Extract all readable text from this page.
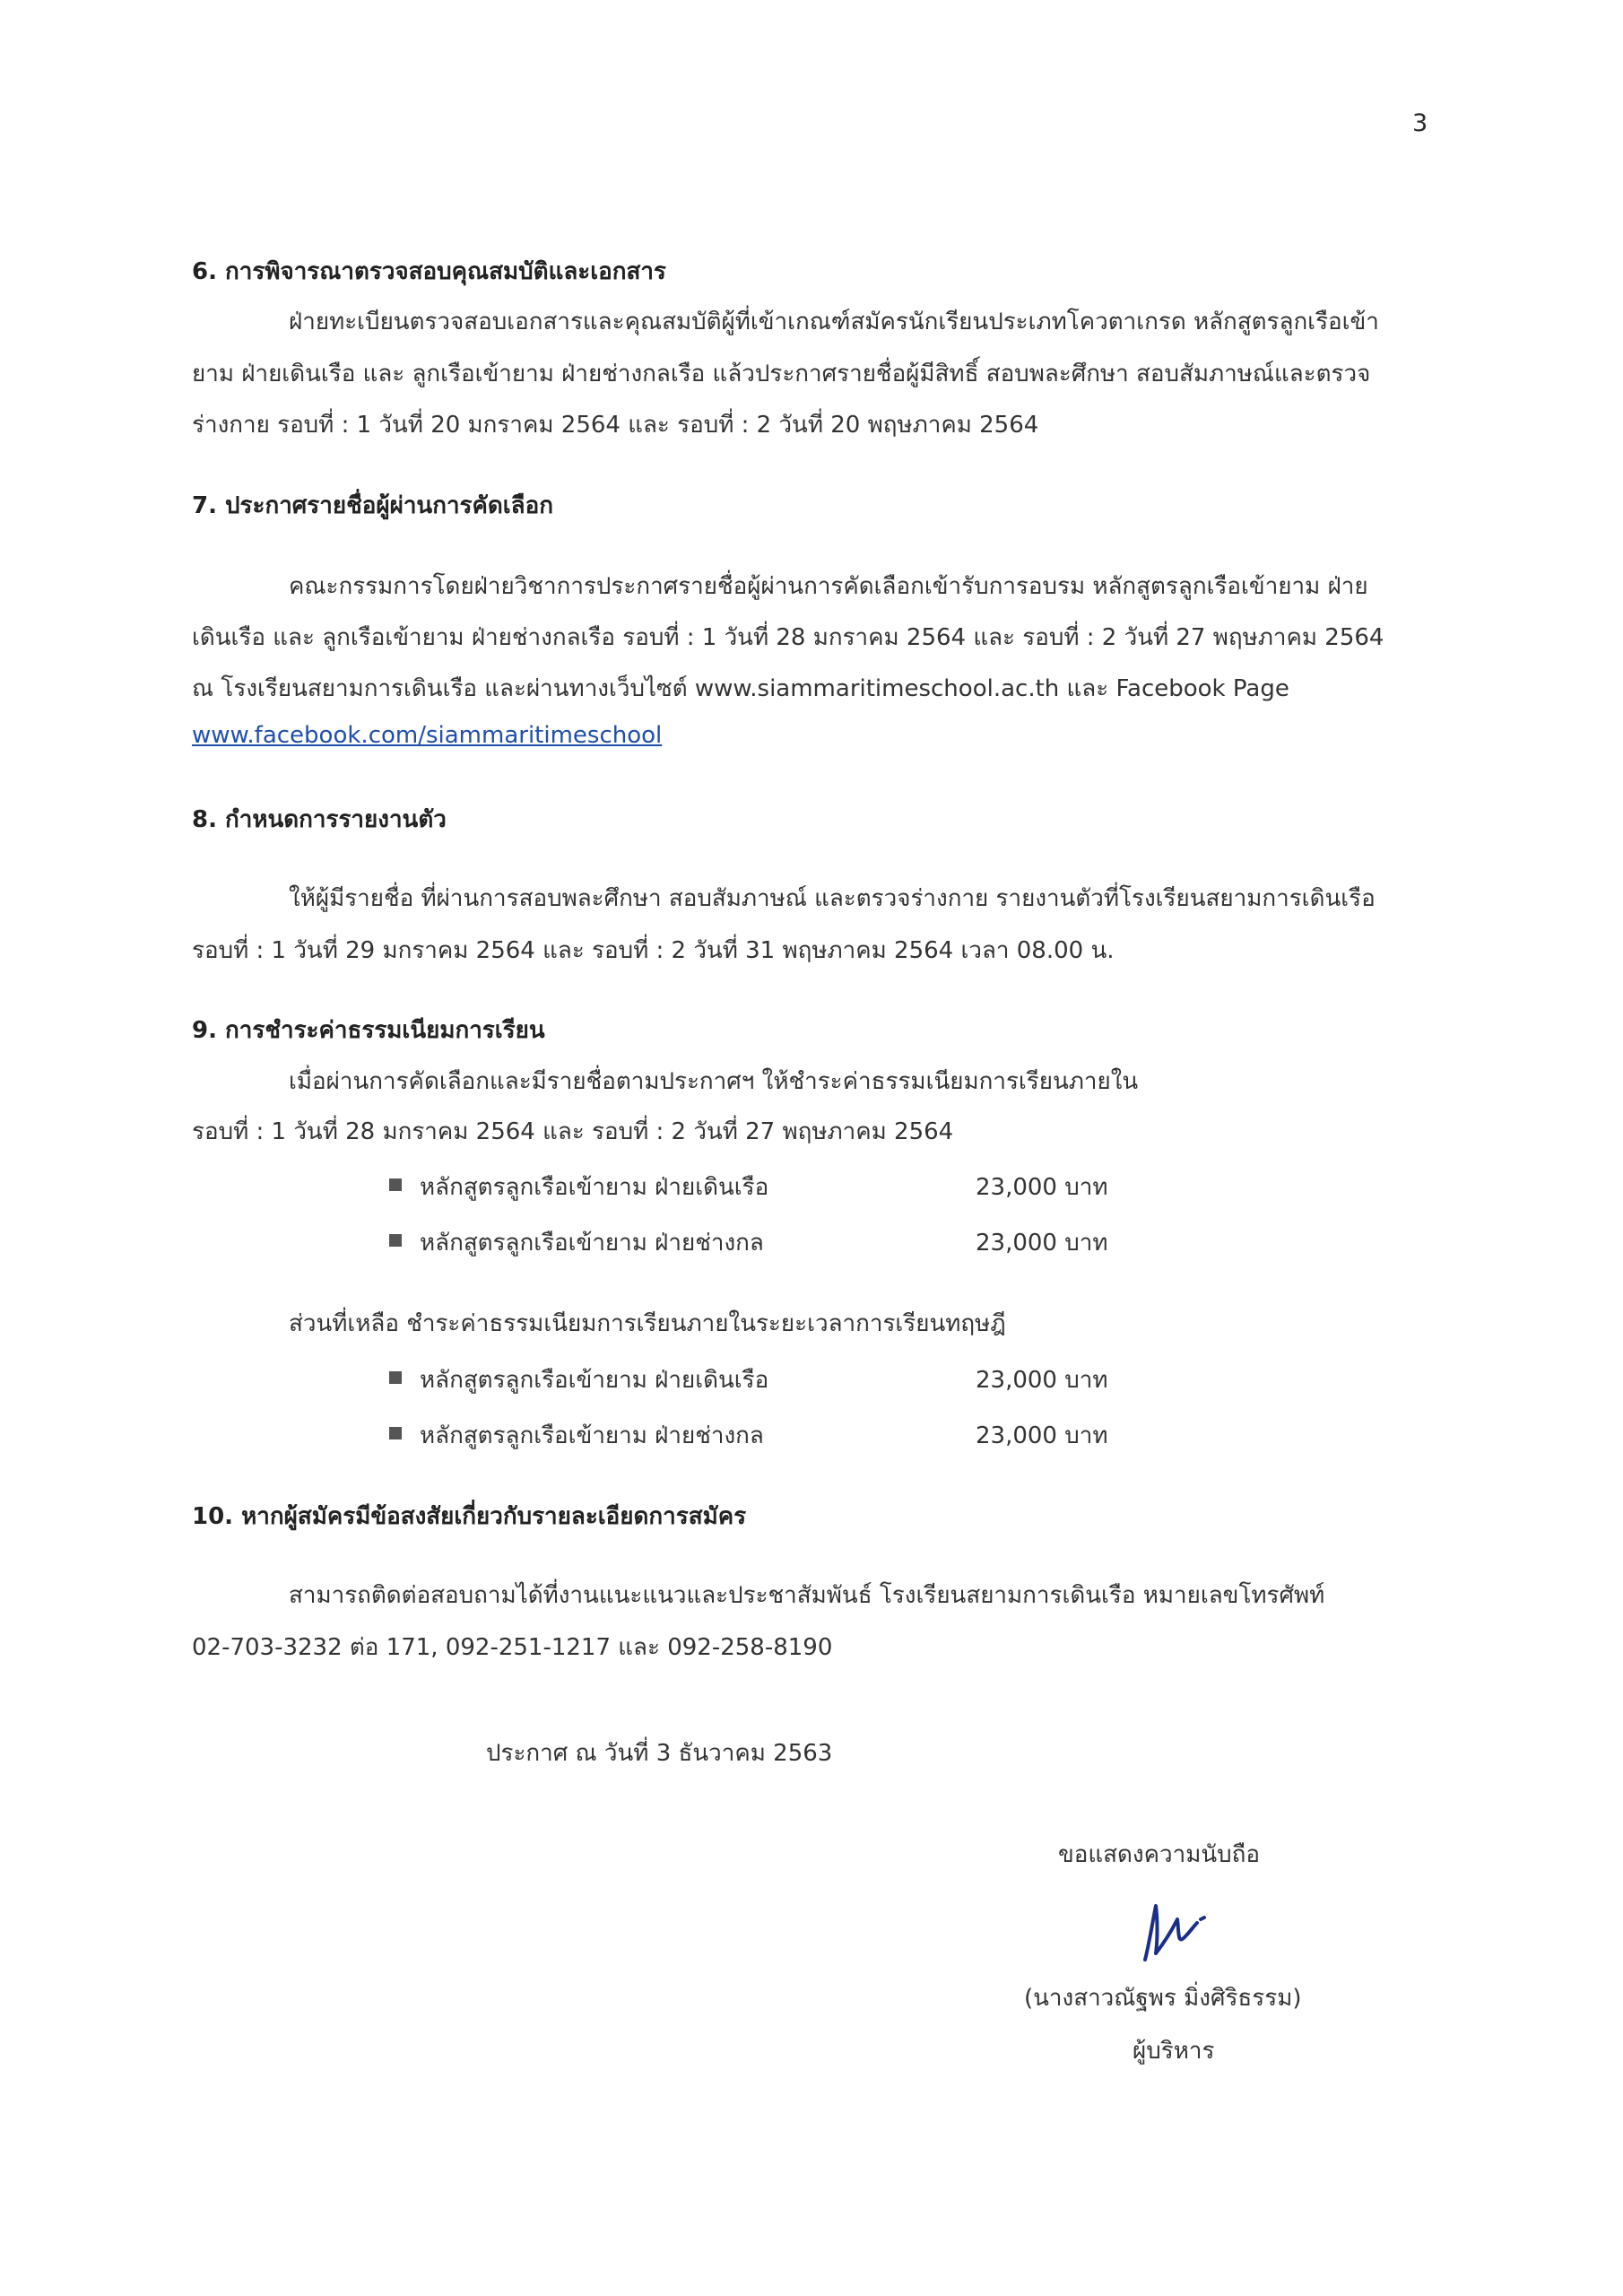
3
6. การพิจารณาตรวจสอบคุณสมบัติและเอกสาร
ฝ่ายทะเบียนตรวจสอบเอกสารและคุณสมบัติผู้ที่เข้าเกณฑ์สมัครนักเรียนประเภทโควตาเกรด หลักสูตรลูกเรือเข้า
ยาม ฝ่ายเดินเรือ และ ลูกเรือเข้ายาม ฝ่ายช่างกลเรือ แล้วประกาศรายชื่อผู้มีสิทธิ์ สอบพละศึกษา สอบสัมภาษณ์และตรวจ
ร่างกาย รอบที่ : 1 วันที่ 20 มกราคม 2564 และ รอบที่ : 2 วันที่ 20 พฤษภาคม 2564
7. ประกาศรายชื่อผู้ผ่านการคัดเลือก
คณะกรรมการโดยฝ่ายวิชาการประกาศรายชื่อผู้ผ่านการคัดเลือกเข้ารับการอบรม หลักสูตรลูกเรือเข้ายาม ฝ่าย
เดินเรือ และ ลูกเรือเข้ายาม ฝ่ายช่างกลเรือ รอบที่ : 1 วันที่ 28 มกราคม 2564 และ รอบที่ : 2 วันที่ 27 พฤษภาคม 2564
ณ โรงเรียนสยามการเดินเรือ และผ่านทางเว็บไซต์ www.siammaritimeschool.ac.th และ Facebook Page
www.facebook.com/siammaritimeschool
8. กำหนดการรายงานตัว
ให้ผู้มีรายชื่อ ที่ผ่านการสอบพละศึกษา สอบสัมภาษณ์ และตรวจร่างกาย รายงานตัวที่โรงเรียนสยามการเดินเรือ
รอบที่ : 1 วันที่ 29 มกราคม 2564 และ รอบที่ : 2 วันที่ 31 พฤษภาคม 2564 เวลา 08.00 น.
9. การชำระค่าธรรมเนียมการเรียน
เมื่อผ่านการคัดเลือกและมีรายชื่อตามประกาศฯ ให้ชำระค่าธรรมเนียมการเรียนภายใน
รอบที่ : 1 วันที่ 28 มกราคม 2564 และ รอบที่ : 2 วันที่ 27 พฤษภาคม 2564
หลักสูตรลูกเรือเข้ายาม ฝ่ายเดินเรือ	23,000 บาท
หลักสูตรลูกเรือเข้ายาม ฝ่ายช่างกล	23,000 บาท
ส่วนที่เหลือ ชำระค่าธรรมเนียมการเรียนภายในระยะเวลาการเรียนทฤษฎี
หลักสูตรลูกเรือเข้ายาม ฝ่ายเดินเรือ	23,000 บาท
หลักสูตรลูกเรือเข้ายาม ฝ่ายช่างกล	23,000 บาท
10. หากผู้สมัครมีข้อสงสัยเกี่ยวกับรายละเอียดการสมัคร
สามารถติดต่อสอบถามได้ที่งานแนะแนวและประชาสัมพันธ์ โรงเรียนสยามการเดินเรือ หมายเลขโทรศัพท์
02-703-3232 ต่อ 171, 092-251-1217 และ 092-258-8190
ประกาศ ณ วันที่ 3 ธันวาคม 2563
ขอแสดงความนับถือ
(นางสาวณัฐพร มิ่งศิริธรรม)
ผู้บริหาร
